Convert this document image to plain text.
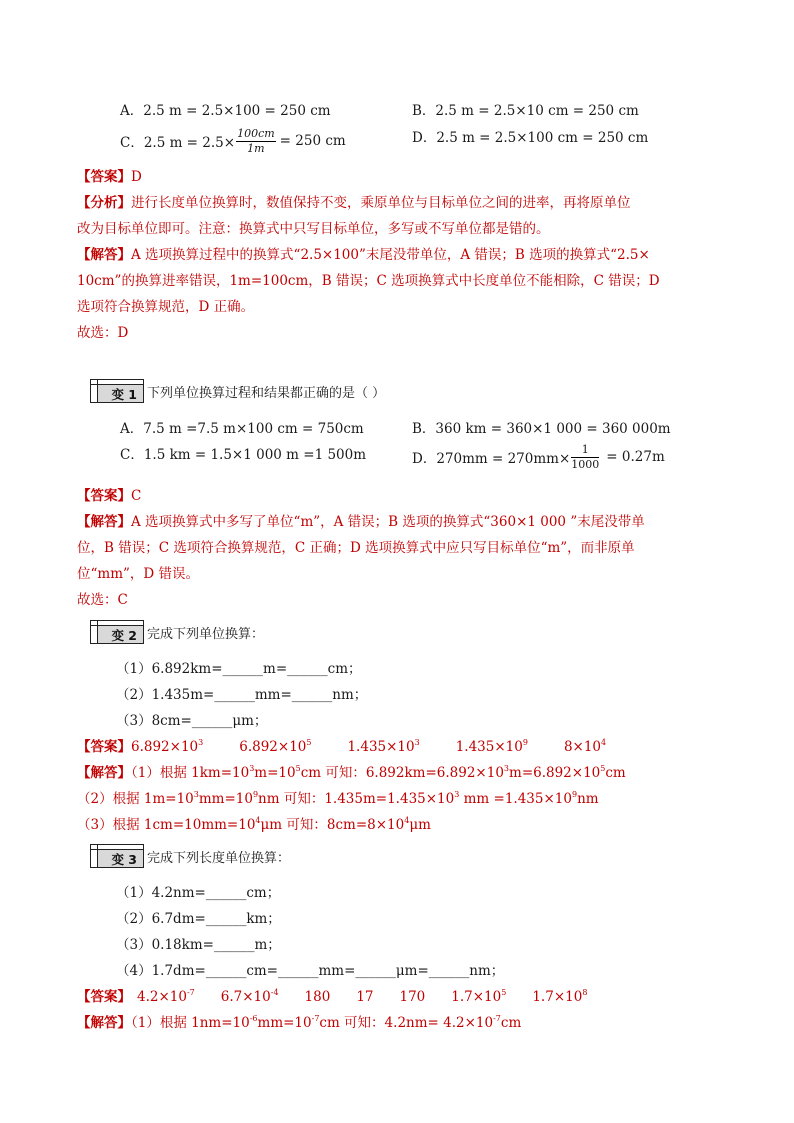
A．2.5 m = 2.5×100 = 250 cm	B．2.5 m = 2.5×10 cm = 250 cm
C．2.5 $m = 2.5\times \frac{100cm}{1m} = 250$ cm	D．2.5 m = 2.5×100 cm = 250 cm
【答案】D
【分析】进行长度单位换算时，数值保持不变，乘原单位与目标单位之间的进率，再将原单位
改为目标单位即可。注意：换算式中只写目标单位，多写或不写单位都是错的。
【解答】A 选项换算过程中的换算式“2.5×100”末尾没带单位，A 错误；B 选项的换算式“2.5×
10cm”的换算进率错误，1m=100cm，B 错误；C 选项换算式中长度单位不能相除，C 错误；D
选项符合换算规范，D 正确。
故选：D
变 1 下列单位换算过程和结果都正确的是（ ）
A．7.5 m =7.5 m×100 cm = 750cm	B．360 km = 360×1 000 = 360 000m
C．1.5 km = 1.5×1 000 m =1 500m	D．$270mm = 270mm\times \frac{1}{1000} = 0.27m$
【答案】C
【解答】A 选项换算式中多写了单位“m”，A 错误；B 选项的换算式“360×1 000 ”末尾没带单
位，B 错误；C 选项符合换算规范，C 正确；D 选项换算式中应只写目标单位“m”，而非原单
位“mm”，D 错误。
故选：C
变 2 完成下列单位换算：
（1）6.892km=______m=______cm；
（2）1.435m=______mm=______nm；
（3）8cm=______μm；
【答案】$6.892\times 10^3$	$6.892\times 10^5$	$1.435\times 10^3$	$1.435\times 10^9$	$8\times 10^4$
【解答】（1）根据 $1km=10^3m=10^5cm$ 可知：$6.892km=6.892\times 10^3m=6.892\times 10^5cm$
（2）根据 $1m=10^3mm=10^9nm$ 可知：$1.435m=1.435\times 10^3$ mm $=1.435\times 10^9nm$
（3）根据 $1cm=10mm=10^4\mu m$ 可知：$8cm=8\times 10^4\mu m$
变 3 完成下列长度单位换算：
（1）4.2nm=______cm；
（2）6.7dm=______km；
（3）0.18km=______m；
（4）1.7dm=______cm=______mm=______μm=______nm；
【答案】 $4.2\times 10^{-7}$ $6.7\times 10^{-4}$ 180 17 170 $1.7\times 10^5$ $1.7\times 10^8$
【解答】（1）根据 $1nm=10^{-6}mm=10^{-7}cm$ 可知：$4.2nm= 4.2\times 10^{-7}cm$
